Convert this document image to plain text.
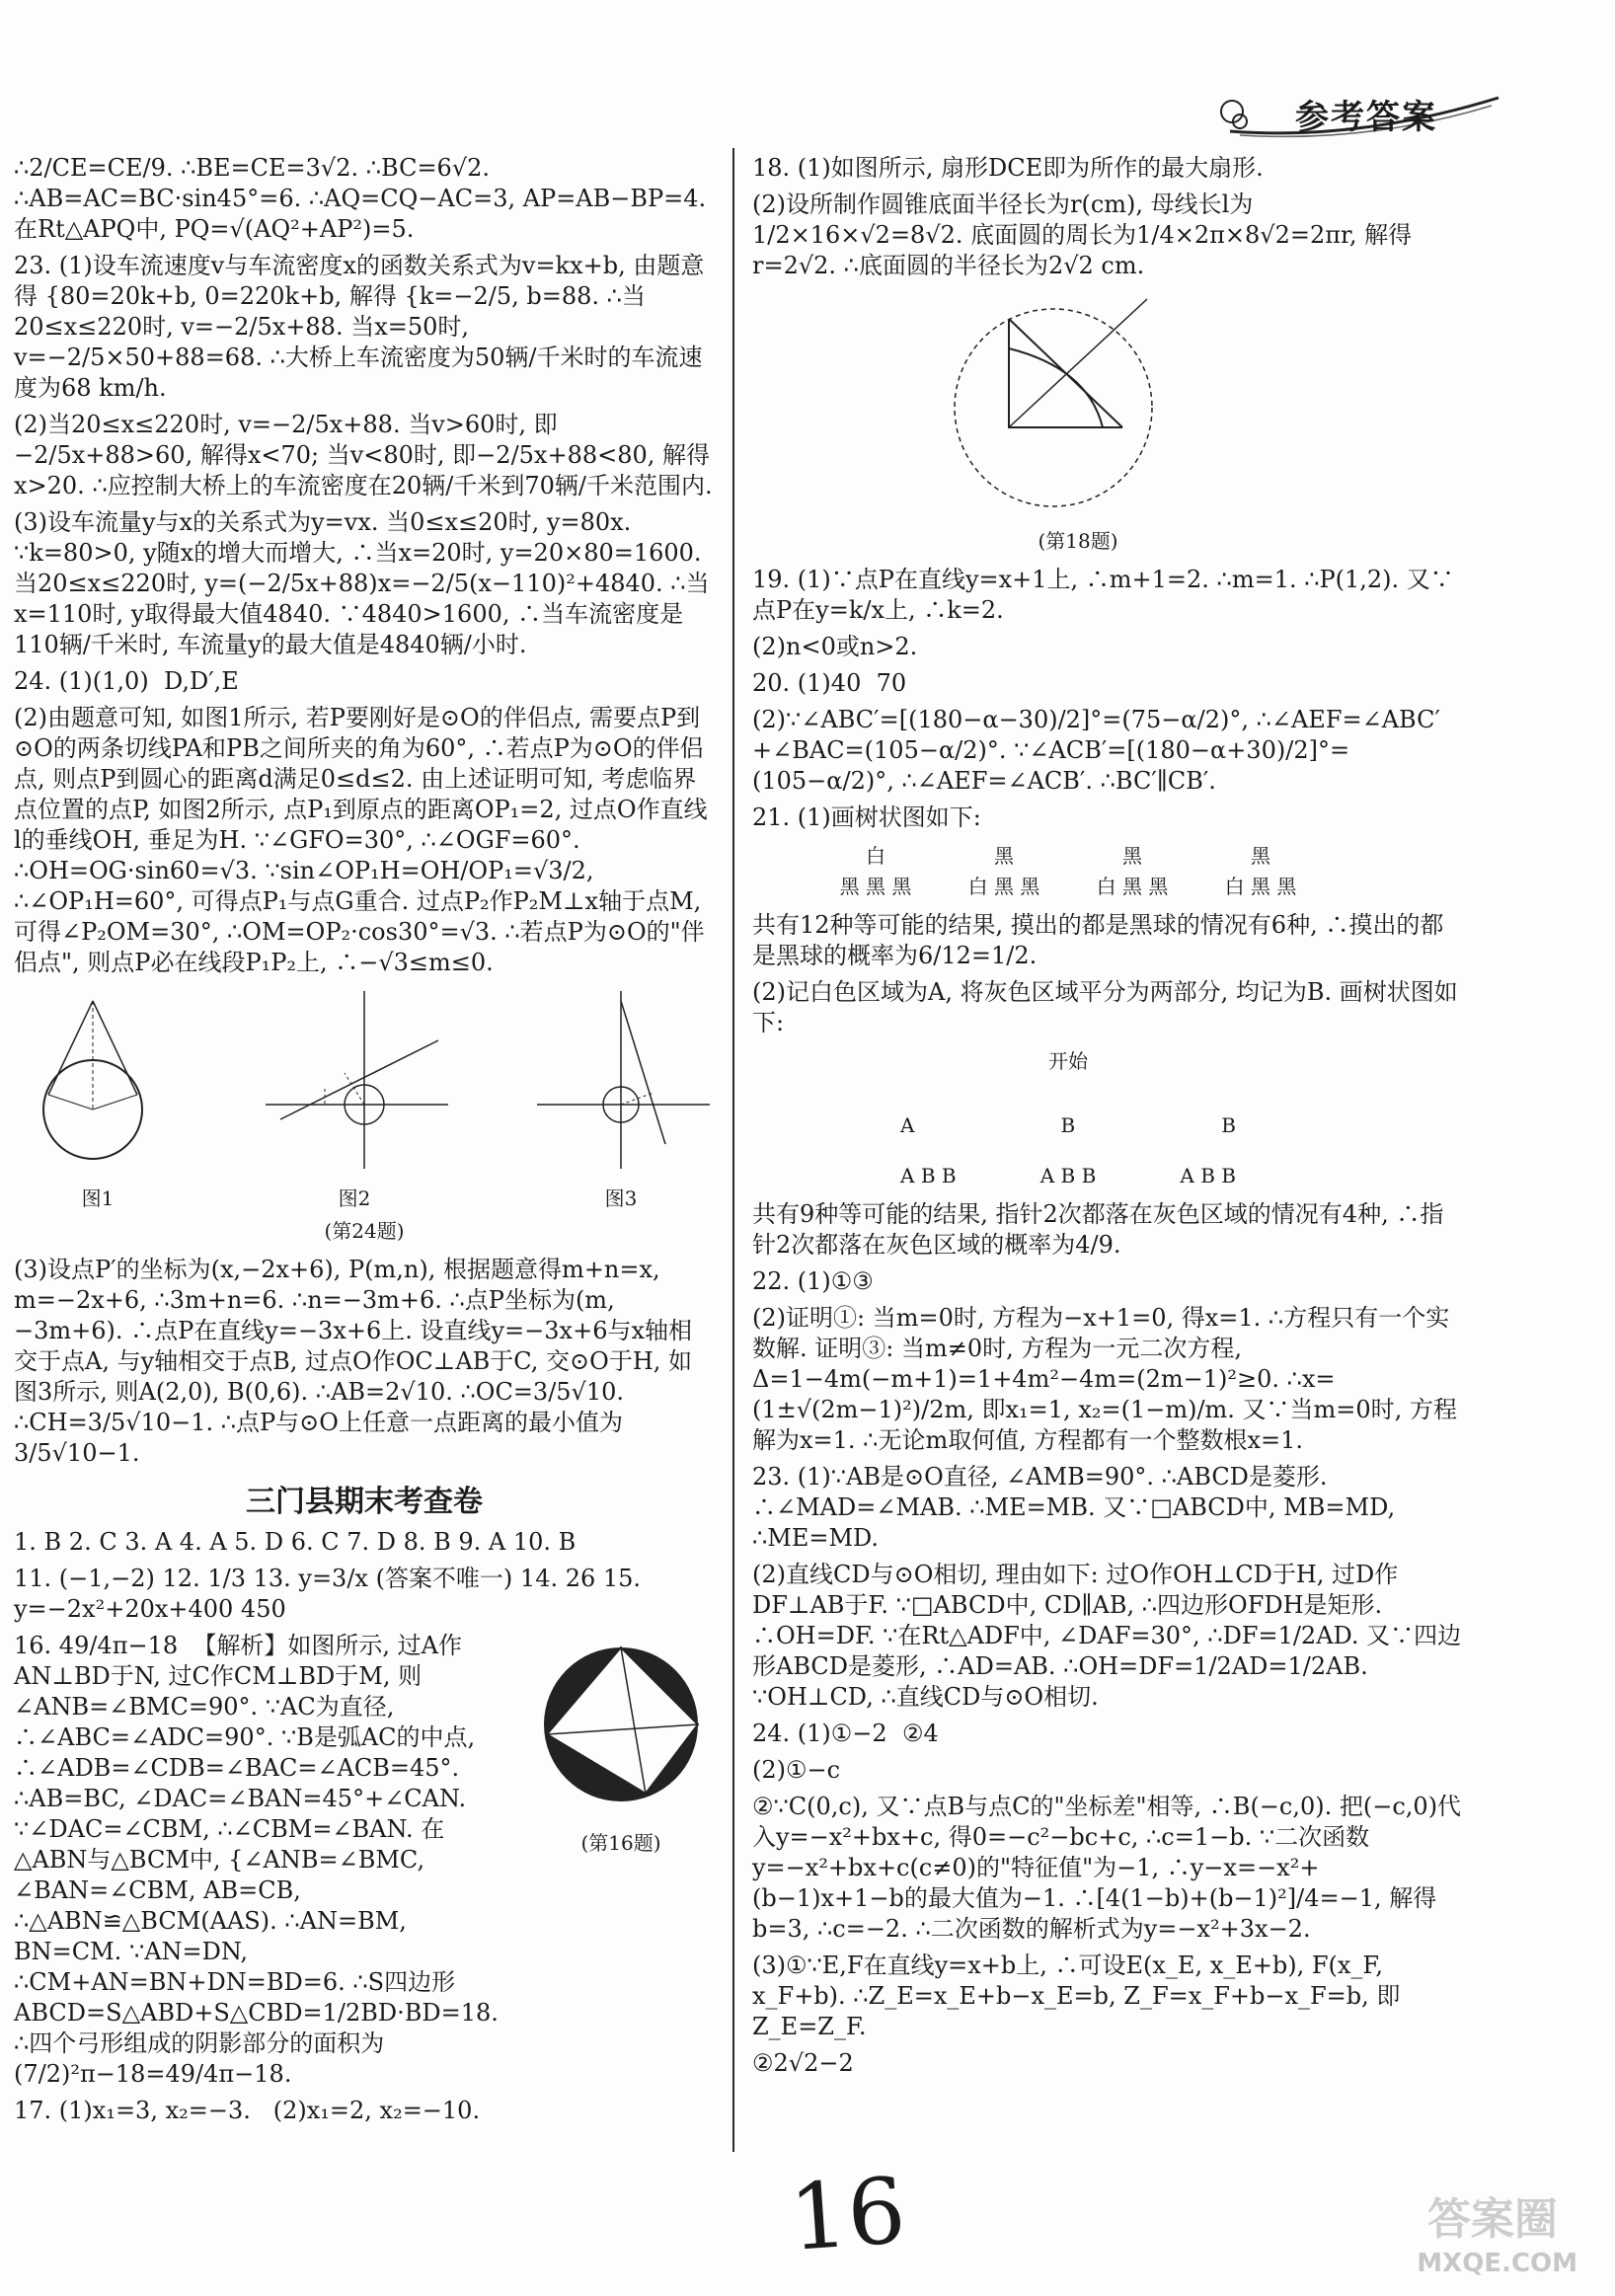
参考答案

∴2/CE=CE/9. ∴BE=CE=3√2. ∴BC=6√2. ∴AB=AC=BC·sin45°=6. ∴AQ=CQ−AC=3, AP=AB−BP=4. 在Rt△APQ中, PQ=√(AQ²+AP²)=5.

23. (1)设车流速度v与车流密度x的函数关系式为v=kx+b, 由题意得 {80=20k+b, 0=220k+b, 解得 {k=−2/5, b=88. ∴当20≤x≤220时, v=−2/5x+88. 当x=50时, v=−2/5×50+88=68. ∴大桥上车流密度为50辆/千米时的车流速度为68 km/h.

(2)当20≤x≤220时, v=−2/5x+88. 当v>60时, 即−2/5x+88>60, 解得x<70; 当v<80时, 即−2/5x+88<80, 解得x>20. ∴应控制大桥上的车流密度在20辆/千米到70辆/千米范围内.

(3)设车流量y与x的关系式为y=vx. 当0≤x≤20时, y=80x. ∵k=80>0, y随x的增大而增大, ∴当x=20时, y=20×80=1600. 当20≤x≤220时, y=(−2/5x+88)x=−2/5(x−110)²+4840. ∴当x=110时, y取得最大值4840. ∵4840>1600, ∴当车流密度是110辆/千米时, 车流量y的最大值是4840辆/小时.

24. (1)(1,0)  D,D′,E

(2)由题意可知, 如图1所示, 若P要刚好是⊙O的伴侣点, 需要点P到⊙O的两条切线PA和PB之间所夹的角为60°, ∴若点P为⊙O的伴侣点, 则点P到圆心的距离d满足0≤d≤2. 由上述证明可知, 考虑临界点位置的点P, 如图2所示, 点P₁到原点的距离OP₁=2, 过点O作直线l的垂线OH, 垂足为H. ∵∠GFO=30°, ∴∠OGF=60°. ∴OH=OG·sin60=√3. ∵sin∠OP₁H=OH/OP₁=√3/2, ∴∠OP₁H=60°, 可得点P₁与点G重合. 过点P₂作P₂M⊥x轴于点M, 可得∠P₂OM=30°, ∴OM=OP₂·cos30°=√3. ∴若点P为⊙O的"伴侣点", 则点P必在线段P₁P₂上, ∴−√3≤m≤0.

图1	图2	图3
(第24题)

(3)设点P′的坐标为(x,−2x+6), P(m,n), 根据题意得m+n=x, m=−2x+6, ∴3m+n=6. ∴n=−3m+6. ∴点P坐标为(m,−3m+6). ∴点P在直线y=−3x+6上. 设直线y=−3x+6与x轴相交于点A, 与y轴相交于点B, 过点O作OC⊥AB于C, 交⊙O于H, 如图3所示, 则A(2,0), B(0,6). ∴AB=2√10. ∴OC=3/5√10. ∴CH=3/5√10−1. ∴点P与⊙O上任意一点距离的最小值为3/5√10−1.

三门县期末考查卷
1. B 2. C 3. A 4. A 5. D 6. C 7. D 8. B 9. A 10. B
11. (−1,−2) 12. 1/3 13. y=3/x (答案不唯一) 14. 26 15. y=−2x²+20x+400 450

16. 49/4π−18  【解析】如图所示, 过A作AN⊥BD于N, 过C作CM⊥BD于M, 则∠ANB=∠BMC=90°. ∵AC为直径, ∴∠ABC=∠ADC=90°. ∵B是弧AC的中点, ∴∠ADB=∠CDB=∠BAC=∠ACB=45°. ∴AB=BC, ∠DAC=∠BAN=45°+∠CAN. ∵∠DAC=∠CBM, ∴∠CBM=∠BAN. 在△ABN与△BCM中, {∠ANB=∠BMC, ∠BAN=∠CBM, AB=CB, ∴△ABN≌△BCM(AAS). ∴AN=BM, BN=CM. ∵AN=DN, ∴CM+AN=BN+DN=BD=6. ∴S四边形ABCD=S△ABD+S△CBD=1/2BD·BD=18. ∴四个弓形组成的阴影部分的面积为(7/2)²π−18=49/4π−18.

(第16题)

17. (1)x₁=3, x₂=−3.   (2)x₁=2, x₂=−10.

18. (1)如图所示, 扇形DCE即为所作的最大扇形.

(2)设所制作圆锥底面半径长为r(cm), 母线长l为1/2×16×√2=8√2. 底面圆的周长为1/4×2π×8√2=2πr, 解得r=2√2. ∴底面圆的半径长为2√2 cm.

(第18题)

19. (1)∵点P在直线y=x+1上, ∴m+1=2. ∴m=1. ∴P(1,2). 又∵点P在y=k/x上, ∴k=2.

(2)n<0或n>2.

20. (1)40  70

(2)∵∠ABC′=[(180−α−30)/2]°=(75−α/2)°, ∴∠AEF=∠ABC′+∠BAC=(105−α/2)°. ∵∠ACB′=[(180−α+30)/2]°=(105−α/2)°, ∴∠AEF=∠ACB′. ∴BC′∥CB′.

21. (1)画树状图如下:

白
黑 黑 黑
黑
白 黑 黑
黑
白 黑 黑
黑
白 黑 黑

共有12种等可能的结果, 摸出的都是黑球的情况有6种, ∴摸出的都是黑球的概率为6/12=1/2.

(2)记白色区域为A, 将灰色区域平分为两部分, 均记为B. 画树状图如下:

开始
A	B	B
A B B	A B B	A B B

共有9种等可能的结果, 指针2次都落在灰色区域的情况有4种, ∴指针2次都落在灰色区域的概率为4/9.

22. (1)①③

(2)证明①: 当m=0时, 方程为−x+1=0, 得x=1. ∴方程只有一个实数解. 证明③: 当m≠0时, 方程为一元二次方程, Δ=1−4m(−m+1)=1+4m²−4m=(2m−1)²≥0. ∴x=(1±√(2m−1)²)/2m, 即x₁=1, x₂=(1−m)/m. 又∵当m=0时, 方程解为x=1. ∴无论m取何值, 方程都有一个整数根x=1.

23. (1)∵AB是⊙O直径, ∠AMB=90°. ∴ABCD是菱形. ∴∠MAD=∠MAB. ∴ME=MB. 又∵□ABCD中, MB=MD, ∴ME=MD.

(2)直线CD与⊙O相切, 理由如下: 过O作OH⊥CD于H, 过D作DF⊥AB于F. ∵□ABCD中, CD∥AB, ∴四边形OFDH是矩形. ∴OH=DF. ∵在Rt△ADF中, ∠DAF=30°, ∴DF=1/2AD. 又∵四边形ABCD是菱形, ∴AD=AB. ∴OH=DF=1/2AD=1/2AB. ∵OH⊥CD, ∴直线CD与⊙O相切.

24. (1)①−2  ②4

(2)①−c

②∵C(0,c), 又∵点B与点C的"坐标差"相等, ∴B(−c,0). 把(−c,0)代入y=−x²+bx+c, 得0=−c²−bc+c, ∴c=1−b. ∵二次函数y=−x²+bx+c(c≠0)的"特征值"为−1, ∴y−x=−x²+(b−1)x+1−b的最大值为−1. ∴[4(1−b)+(b−1)²]/4=−1, 解得b=3, ∴c=−2. ∴二次函数的解析式为y=−x²+3x−2.

(3)①∵E,F在直线y=x+b上, ∴可设E(x_E, x_E+b), F(x_F, x_F+b). ∴Z_E=x_E+b−x_E=b, Z_F=x_F+b−x_F=b, 即Z_E=Z_F.

②2√2−2

16	答案圈
MXQE.COM
